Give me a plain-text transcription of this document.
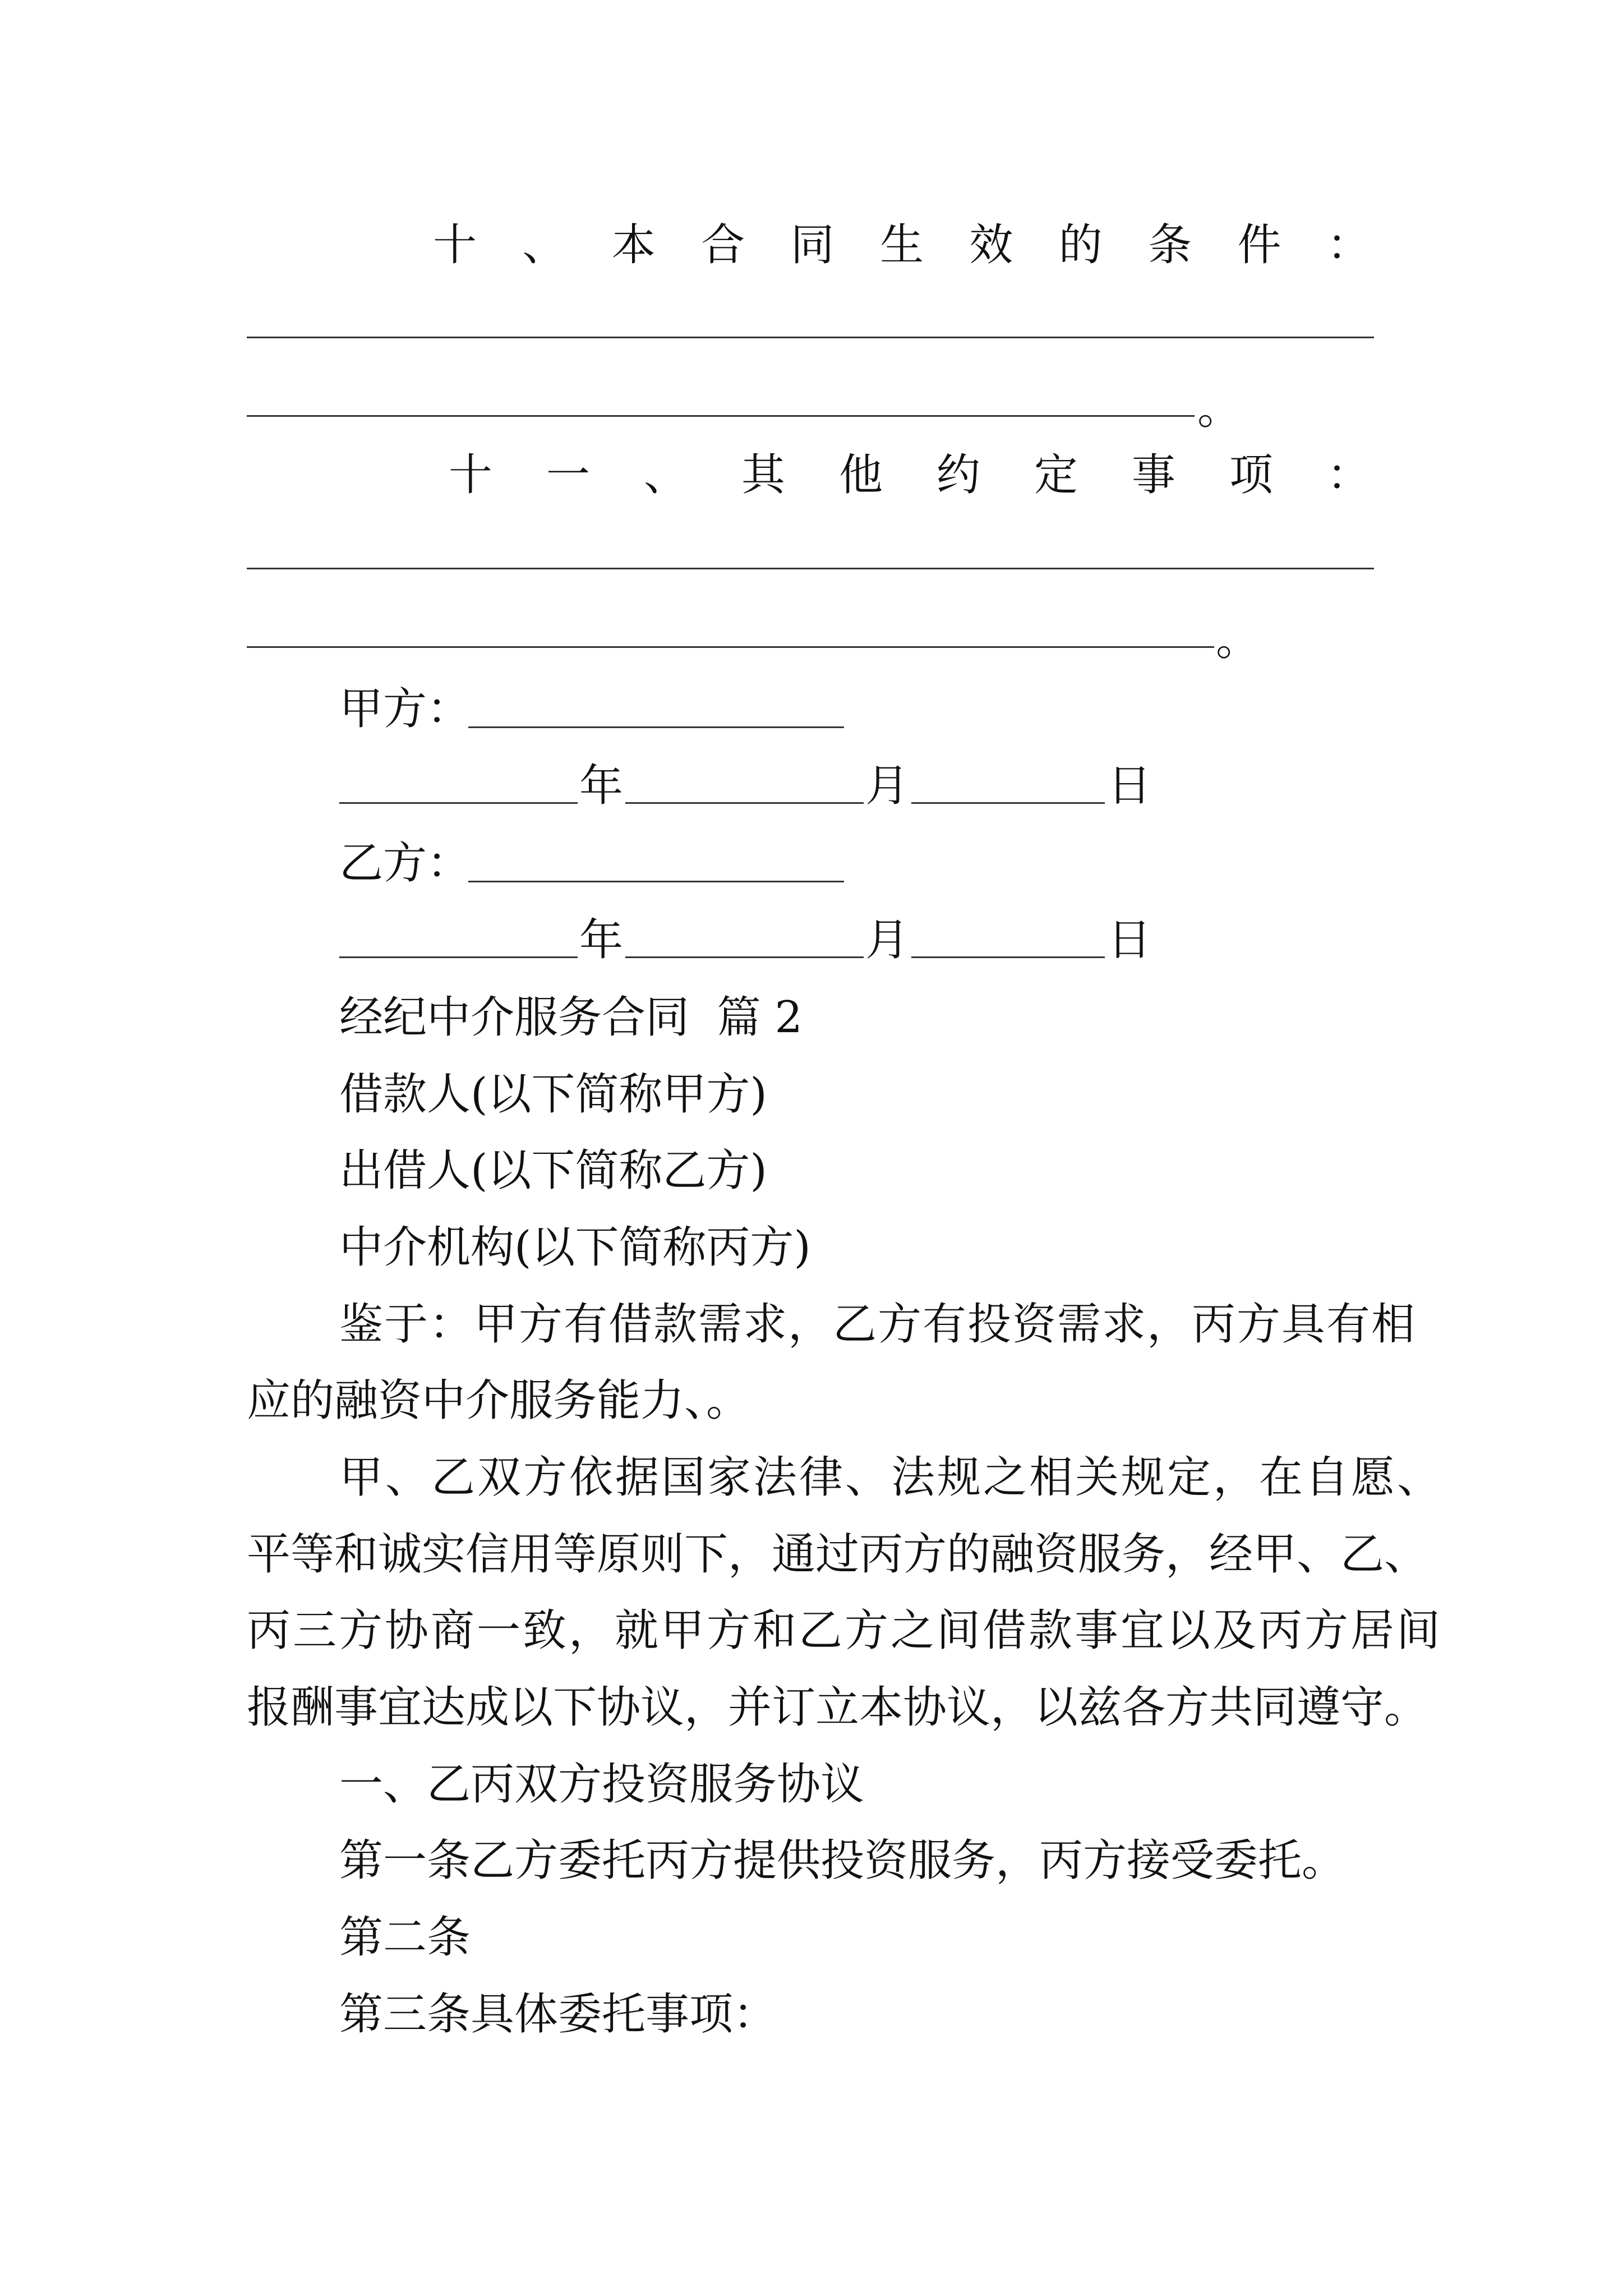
十 、 本 合 同 生 效 的 条 件 ：
。
十 一 、 其 他 约 定 事 项 ：
。
甲方：
年	月	日
乙方：
年	月	日
经纪中介服务合同  篇 2
借款人(以下简称甲方)
出借人(以下简称乙方)
中介机构(以下简称丙方)
鉴于：甲方有借款需求，乙方有投资需求，丙方具有相
应的融资中介服务能力、。
甲、乙双方依据国家法律、法规之相关规定，在自愿、
平等和诚实信用等原则下，通过丙方的融资服务，经甲、乙、
丙三方协商一致，就甲方和乙方之间借款事宜以及丙方居间
报酬事宜达成以下协议，并订立本协议，以兹各方共同遵守。
一、乙丙双方投资服务协议
第一条乙方委托丙方提供投资服务，丙方接受委托。
第二条
第三条具体委托事项：
